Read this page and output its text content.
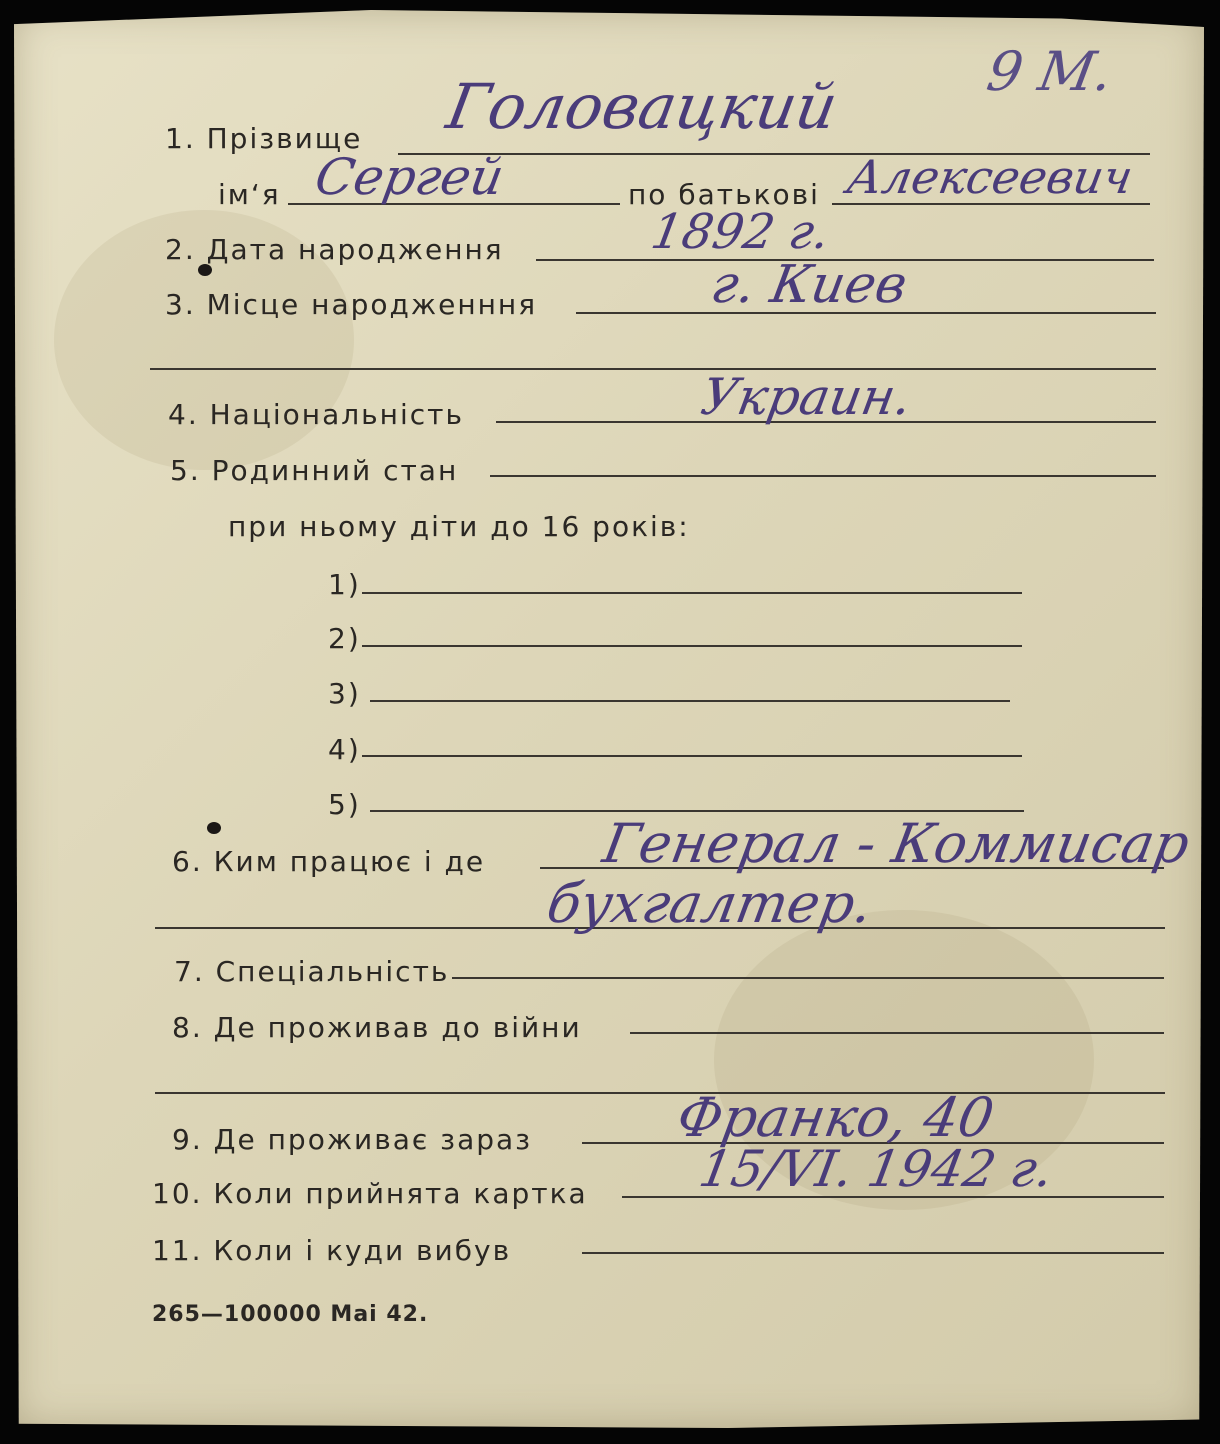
9 М.
1. Прізвище Головацкий
ім‘я Сергей	по батькові Алексеевич
2. Дата народження	1892 г.
3. Місце народженння	г. Киев
4. Національність	Украин.
5. Родинний стан
при ньому діти до 16 років:
1)
2)
3)
4)
5)
6. Ким працює і де Генерал - Коммисар
бухгалтер.
7. Спеціальність
8. Де проживав до війни
9. Де проживає зараз	Франко, 40
10. Коли прийнята картка 15/VI. 1942 г.
11. Коли і куди вибув
265—100000 Mai 42.
